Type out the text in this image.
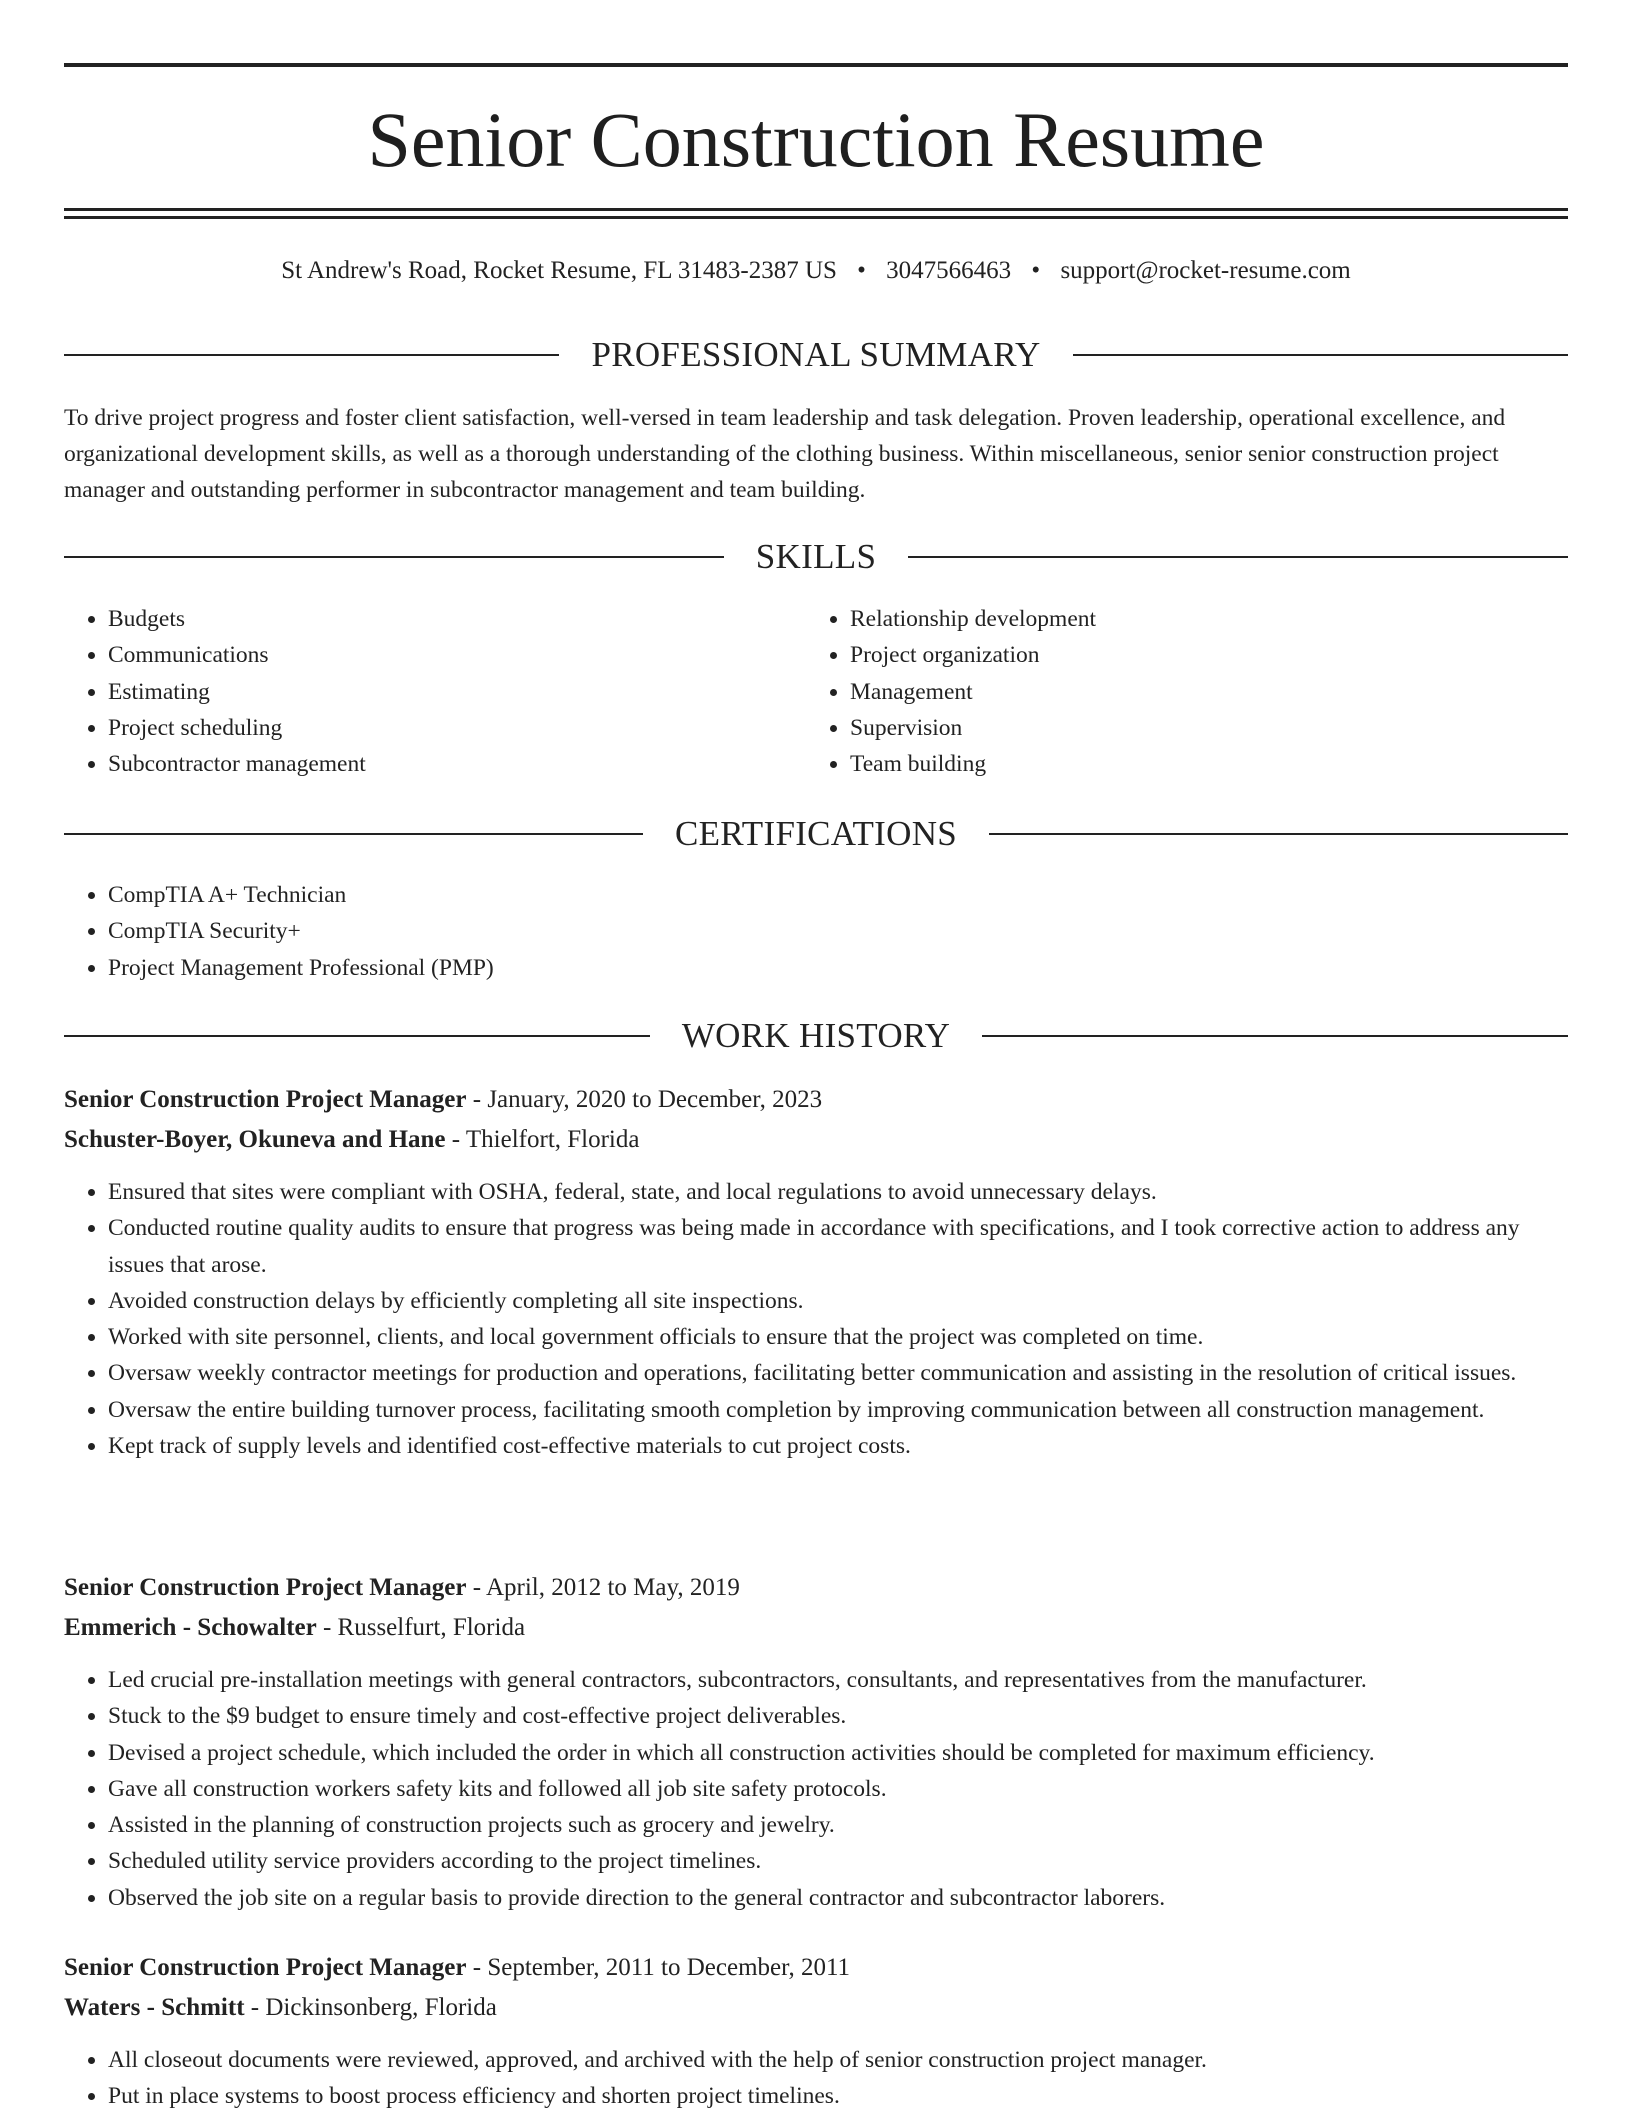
Senior Construction Resume
St Andrew's Road, Rocket Resume, FL 31483-2387 US • 3047566463 • support@rocket-resume.com
PROFESSIONAL SUMMARY
To drive project progress and foster client satisfaction, well-versed in team leadership and task delegation. Proven leadership, operational excellence, and organizational development skills, as well as a thorough understanding of the clothing business. Within miscellaneous, senior senior construction project manager and outstanding performer in subcontractor management and team building.
SKILLS
• Budgets
• Communications
• Estimating
• Project scheduling
• Subcontractor management
• Relationship development
• Project organization
• Management
• Supervision
• Team building
CERTIFICATIONS
• CompTIA A+ Technician
• CompTIA Security+
• Project Management Professional (PMP)
WORK HISTORY
Senior Construction Project Manager - January, 2020 to December, 2023
Schuster-Boyer, Okuneva and Hane - Thielfort, Florida
• Ensured that sites were compliant with OSHA, federal, state, and local regulations to avoid unnecessary delays.
• Conducted routine quality audits to ensure that progress was being made in accordance with specifications, and I took corrective action to address any issues that arose.
• Avoided construction delays by efficiently completing all site inspections.
• Worked with site personnel, clients, and local government officials to ensure that the project was completed on time.
• Oversaw weekly contractor meetings for production and operations, facilitating better communication and assisting in the resolution of critical issues.
• Oversaw the entire building turnover process, facilitating smooth completion by improving communication between all construction management.
• Kept track of supply levels and identified cost-effective materials to cut project costs.
Senior Construction Project Manager - April, 2012 to May, 2019
Emmerich - Schowalter - Russelfurt, Florida
• Led crucial pre-installation meetings with general contractors, subcontractors, consultants, and representatives from the manufacturer.
• Stuck to the $9 budget to ensure timely and cost-effective project deliverables.
• Devised a project schedule, which included the order in which all construction activities should be completed for maximum efficiency.
• Gave all construction workers safety kits and followed all job site safety protocols.
• Assisted in the planning of construction projects such as grocery and jewelry.
• Scheduled utility service providers according to the project timelines.
• Observed the job site on a regular basis to provide direction to the general contractor and subcontractor laborers.
Senior Construction Project Manager - September, 2011 to December, 2011
Waters - Schmitt - Dickinsonberg, Florida
• All closeout documents were reviewed, approved, and archived with the help of senior construction project manager.
• Put in place systems to boost process efficiency and shorten project timelines.
